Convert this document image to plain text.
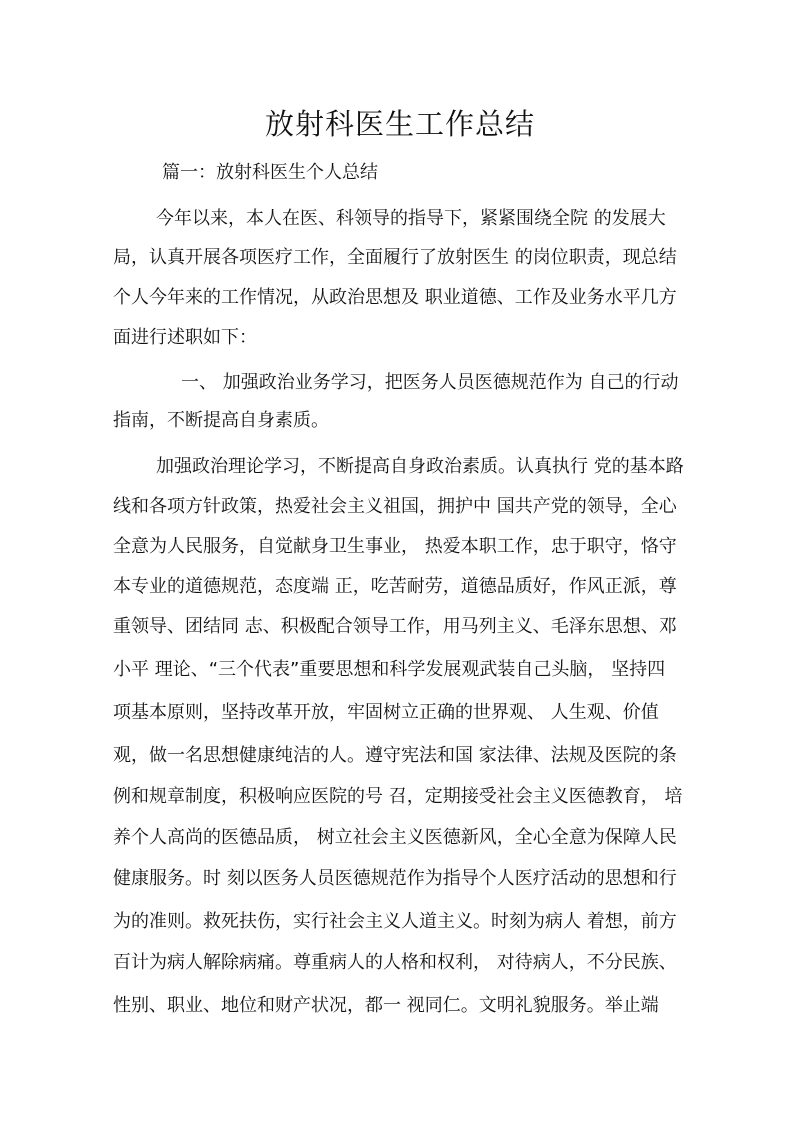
放射科医生工作总结
篇一：放射科医生个人总结
今年以来，本人在医、科领导的指导下，紧紧围绕全院 的发展大
局，认真开展各项医疗工作，全面履行了放射医生 的岗位职责，现总结
个人今年来的工作情况，从政治思想及 职业道德、工作及业务水平几方
面进行述职如下：
一、 加强政治业务学习，把医务人员医德规范作为 自己的行动
指南，不断提高自身素质。
加强政治理论学习，不断提高自身政治素质。认真执行 党的基本路
线和各项方针政策，热爱社会主义祖国，拥护中 国共产党的领导，全心
全意为人民服务，自觉献身卫生事业， 热爱本职工作，忠于职守，恪守
本专业的道德规范，态度端 正，吃苦耐劳，道德品质好，作风正派，尊
重领导、团结同 志、积极配合领导工作，用马列主义、毛泽东思想、邓
小平 理论、“三个代表”重要思想和科学发展观武装自己头脑， 坚持四
项基本原则，坚持改革开放，牢固树立正确的世界观、 人生观、价值
观，做一名思想健康纯洁的人。遵守宪法和国 家法律、法规及医院的条
例和规章制度，积极响应医院的号 召，定期接受社会主义医德教育， 培
养个人高尚的医德品质， 树立社会主义医德新风，全心全意为保障人民
健康服务。时 刻以医务人员医德规范作为指导个人医疗活动的思想和行
为的准则。救死扶伤，实行社会主义人道主义。时刻为病人 着想，前方
百计为病人解除病痛。尊重病人的人格和权利， 对待病人，不分民族、
性别、职业、地位和财产状况，都一 视同仁。文明礼貌服务。举止端
